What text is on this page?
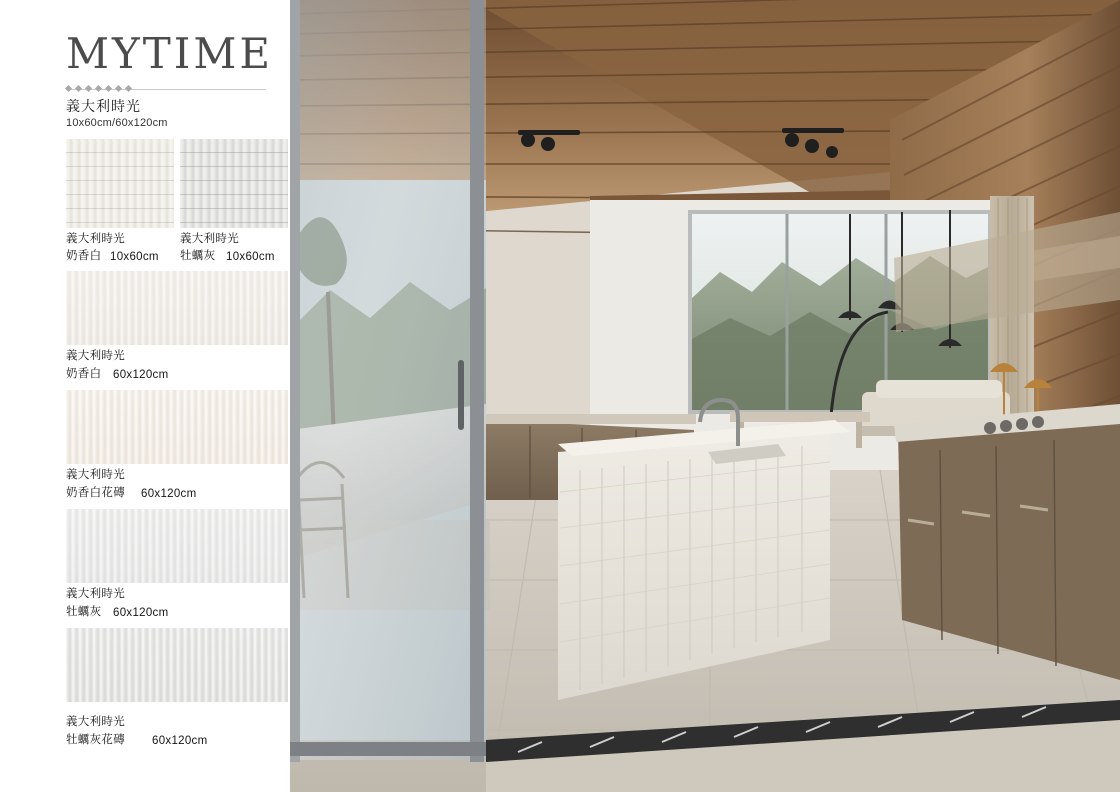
MYTIME
義大利時光
10x60cm/60x120cm
義大利時光
奶香白 10x60cm
義大利時光
牡蠣灰 10x60cm
義大利時光
奶香白 60x120cm
義大利時光
奶香白花磚 60x120cm
義大利時光
牡蠣灰 60x120cm
義大利時光
牡蠣灰花磚 60x120cm
